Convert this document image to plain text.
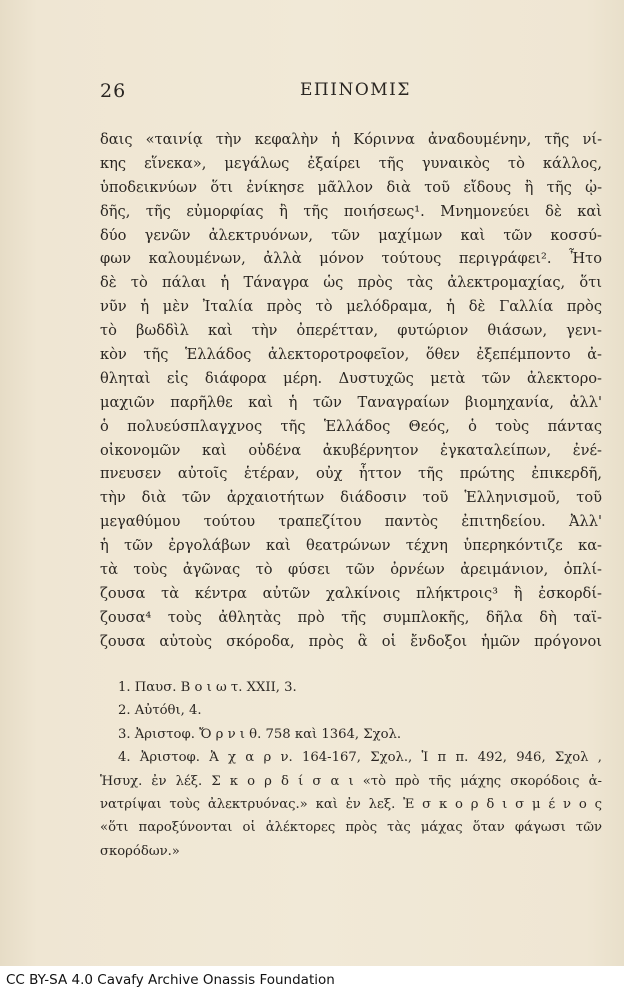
26	ΕΠΙΝΟΜΙΣ
δαις «ταινίᾳ τὴν κεφαλὴν ἡ Κόριννα ἀναδουμένην, τῆς νί-
κης εἵνεκα», μεγάλως ἐξαίρει τῆς γυναικὸς τὸ κάλλος,
ὑποδεικνύων ὅτι ἐνίκησε μᾶλλον διὰ τοῦ εἴδους ἢ τῆς ᾠ-
δῆς, τῆς εὐμορφίας ἢ τῆς ποιήσεως¹. Μνημονεύει δὲ καὶ
δύο γενῶν ἀλεκτρυόνων, τῶν μαχίμων καὶ τῶν κοσσύ-
φων καλουμένων, ἀλλὰ μόνον τούτους περιγράφει². Ἦτο
δὲ τὸ πάλαι ἡ Τάναγρα ὡς πρὸς τὰς ἀλεκτρομαχίας, ὅτι
νῦν ἡ μὲν Ἰταλία πρὸς τὸ μελόδραμα, ἡ δὲ Γαλλία πρὸς
τὸ βωδδὶλ καὶ τὴν ὀπερέτταν, φυτώριον θιάσων, γενι-
κὸν τῆς Ἑλλάδος ἀλεκτοροτροφεῖον, ὅθεν ἐξεπέμποντο ἀ-
θληταὶ εἰς διάφορα μέρη. Δυστυχῶς μετὰ τῶν ἀλεκτορο-
μαχιῶν παρῆλθε καὶ ἡ τῶν Ταναγραίων βιομηχανία, ἀλλ'
ὁ πολυεύσπλαγχνος τῆς Ἑλλάδος Θεός, ὁ τοὺς πάντας
οἰκονομῶν καὶ οὐδένα ἀκυβέρνητον ἐγκαταλείπων, ἐνέ-
πνευσεν αὐτοῖς ἑτέραν, οὐχ ἧττον τῆς πρώτης ἐπικερδῆ,
τὴν διὰ τῶν ἀρχαιοτήτων διάδοσιν τοῦ Ἑλληνισμοῦ, τοῦ
μεγαθύμου τούτου τραπεζίτου παντὸς ἐπιτηδείου. Ἀλλ'
ἡ τῶν ἐργολάβων καὶ θεατρώνων τέχνη ὑπερηκόντιζε κα-
τὰ τοὺς ἀγῶνας τὸ φύσει τῶν ὀρνέων ἀρειμάνιον, ὀπλί-
ζουσα τὰ κέντρα αὐτῶν χαλκίνοις πλήκτροις³ ἢ ἐσκορδί-
ζουσα⁴ τοὺς ἀθλητὰς πρὸ τῆς συμπλοκῆς, δῆλα δὴ ταϊ-
ζουσα αὐτοὺς σκόροδα, πρὸς ἃ οἱ ἔνδοξοι ἡμῶν πρόγονοι
1. Παυσ. Β ο ι ω τ. XXII, 3.
2. Αὐτόθι, 4.
3. Ἀριστοφ. Ὄ ρ ν ι θ. 758 καὶ 1364, Σχολ.
4. Ἀριστοφ. Ἀ χ α ρ ν. 164-167, Σχολ., Ἱ π π. 492, 946, Σχολ ,
Ἡσυχ. ἐν λέξ. Σ κ ο ρ δ ί σ α ι «τὸ πρὸ τῆς μάχης σκορόδοις ἀ-
νατρίψαι τοὺς ἀλεκτρυόνας.» καὶ ἐν λεξ. Ἐ σ κ ο ρ δ ι σ μ έ ν ο ς
«ὅτι παροξύνονται οἱ ἀλέκτορες πρὸς τὰς μάχας ὅταν φάγωσι τῶν
σκορόδων.»
CC BY-SA 4.0 Cavafy Archive Onassis Foundation
